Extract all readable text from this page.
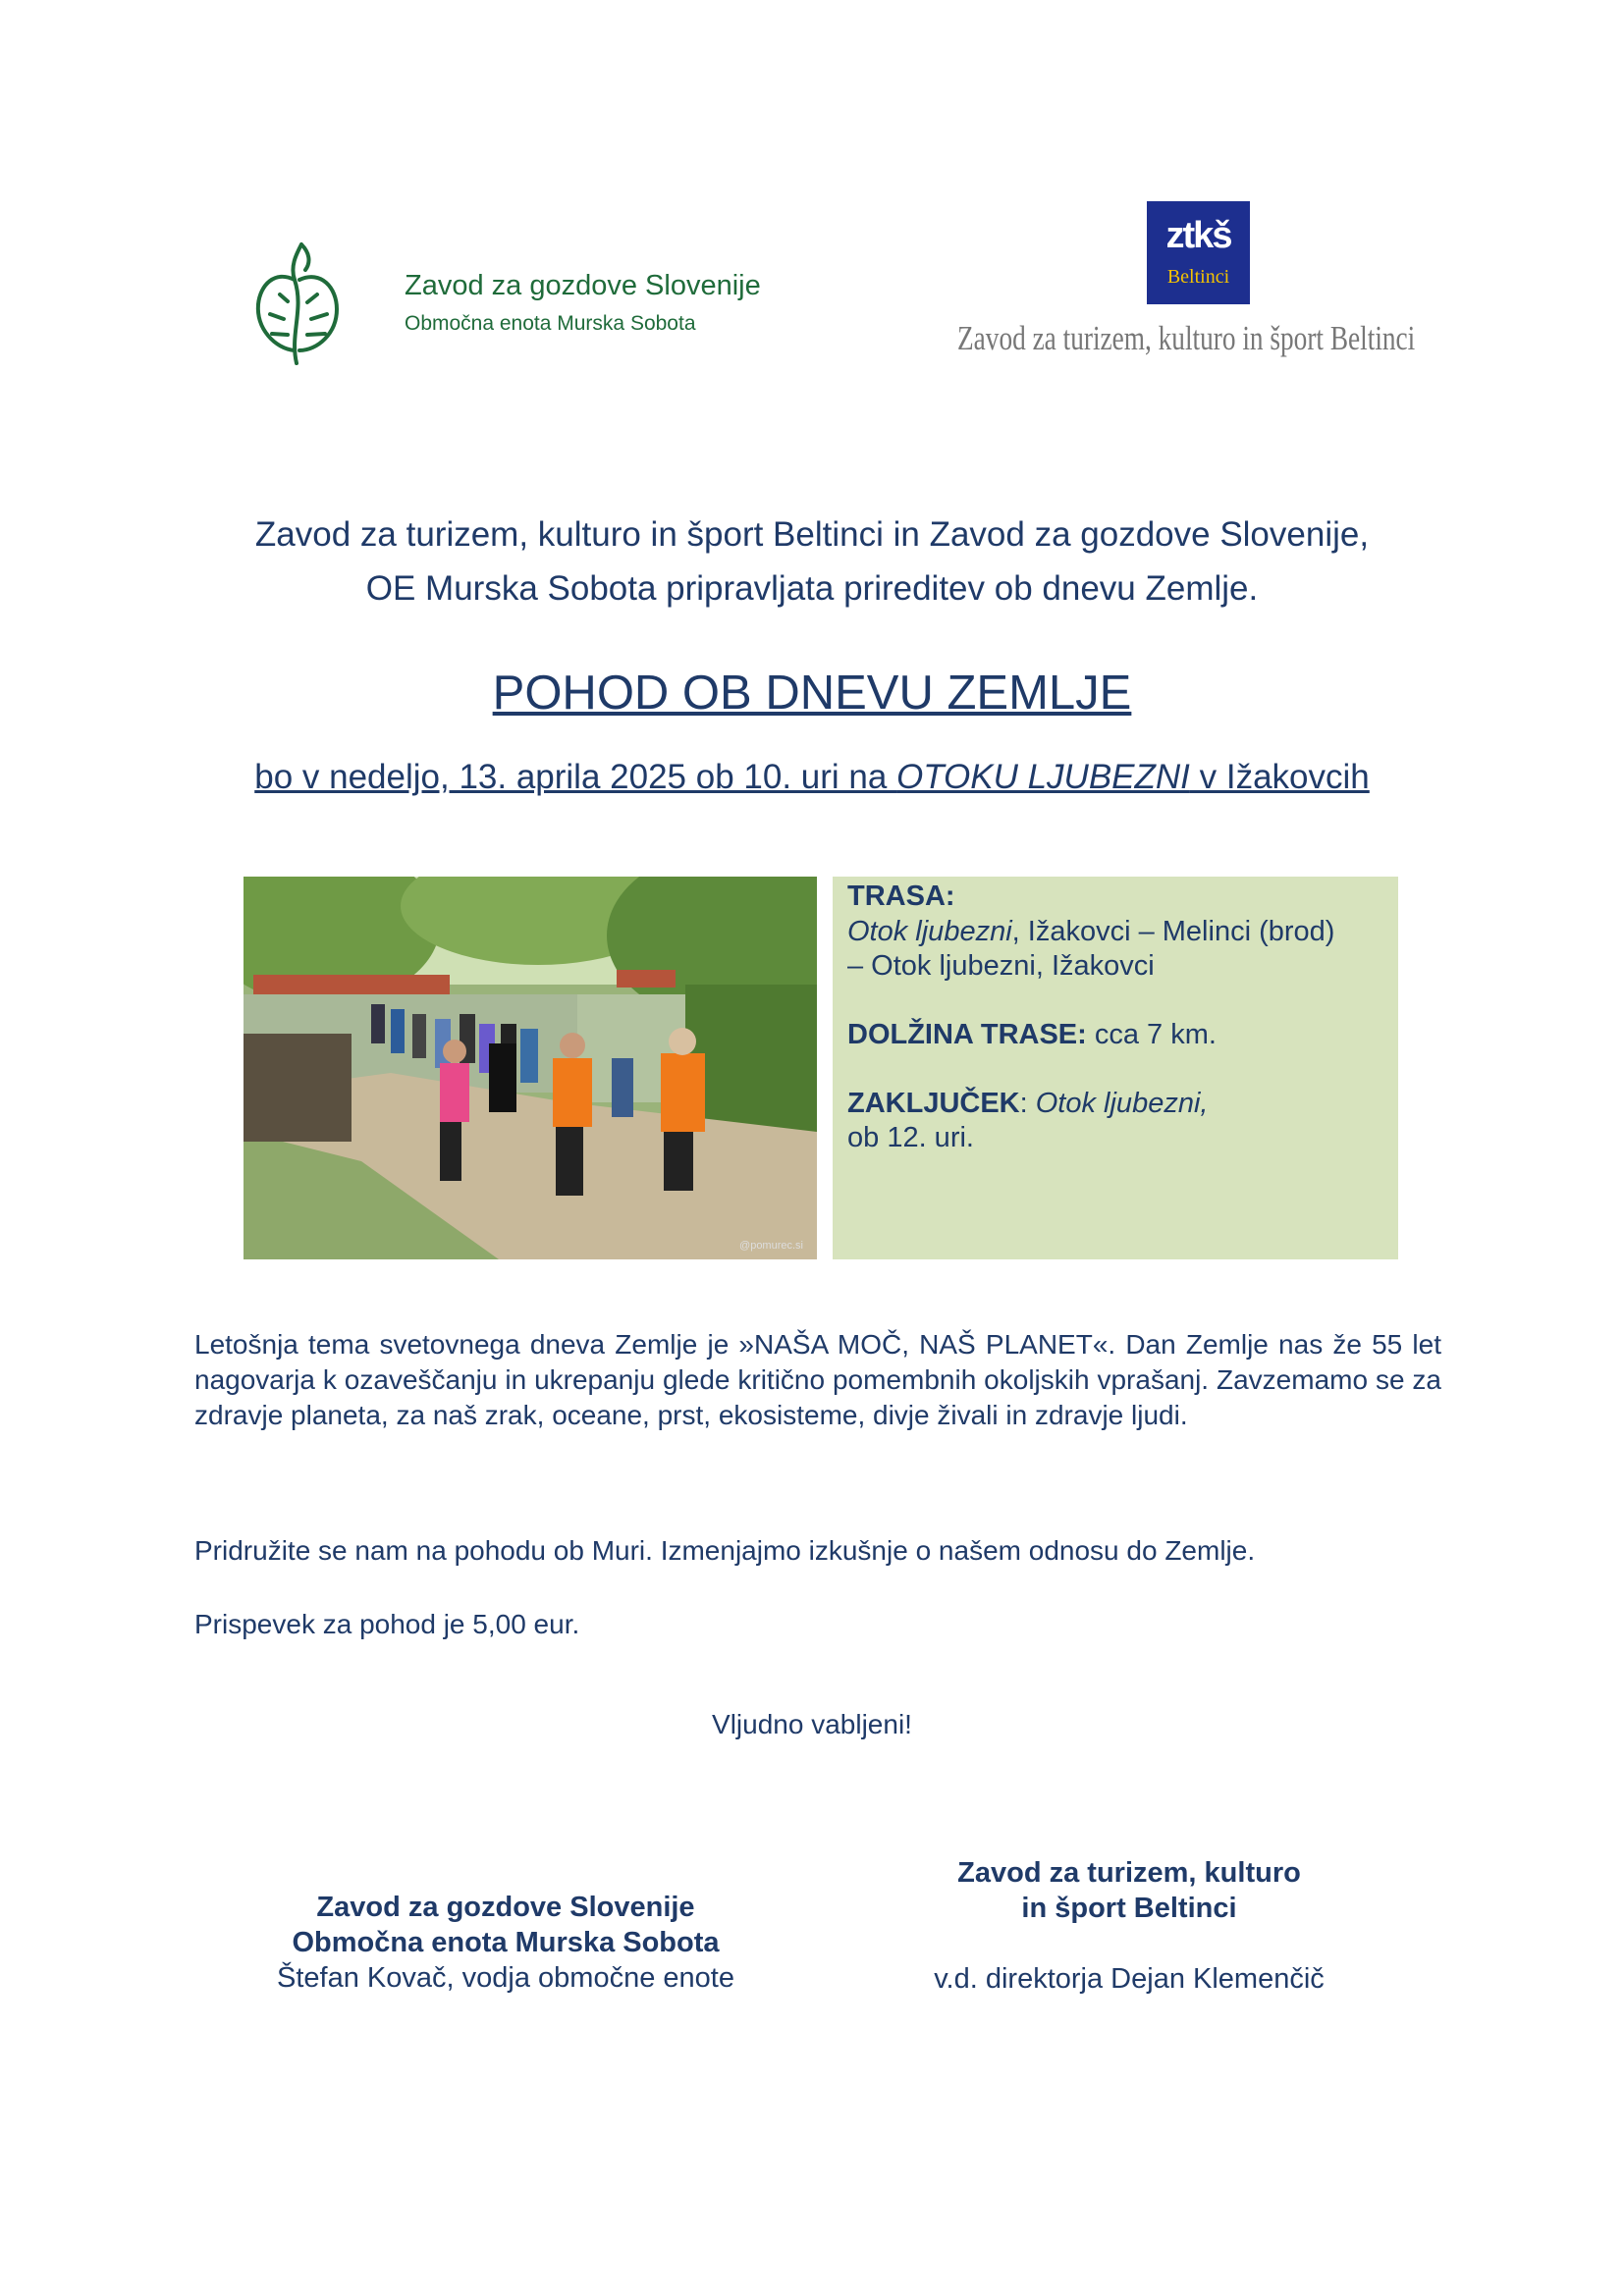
Zavod za gozdove Slovenije
Območna enota Murska Sobota
ztkš
Beltinci
Zavod za turizem, kulturo in šport Beltinci
Zavod za turizem, kulturo in šport Beltinci in Zavod za gozdove Slovenije,
OE Murska Sobota pripravljata prireditev ob dnevu Zemlje.
POHOD OB DNEVU ZEMLJE
bo v nedeljo, 13. aprila 2025 ob 10. uri na OTOKU LJUBEZNI v Ižakovcih
@pomurec.si
TRASA:
Otok ljubezni, Ižakovci – Melinci (brod)
– Otok ljubezni, Ižakovci
DOLŽINA TRASE: cca 7 km.
ZAKLJUČEK: Otok ljubezni,
ob 12. uri.
Letošnja tema svetovnega dneva Zemlje je »NAŠA MOČ, NAŠ PLANET«. Dan Zemlje nas že 55 let nagovarja k ozaveščanju in ukrepanju glede kritično pomembnih okoljskih vprašanj. Zavzemamo se za zdravje planeta, za naš zrak, oceane, prst, ekosisteme, divje živali in zdravje ljudi.
Pridružite se nam na pohodu ob Muri. Izmenjajmo izkušnje o našem odnosu do Zemlje.
Prispevek za pohod je 5,00 eur.
Vljudno vabljeni!
Zavod za gozdove Slovenije
Območna enota Murska Sobota
Štefan Kovač, vodja območne enote
Zavod za turizem, kulturo
in šport Beltinci
v.d. direktorja Dejan Klemenčič
